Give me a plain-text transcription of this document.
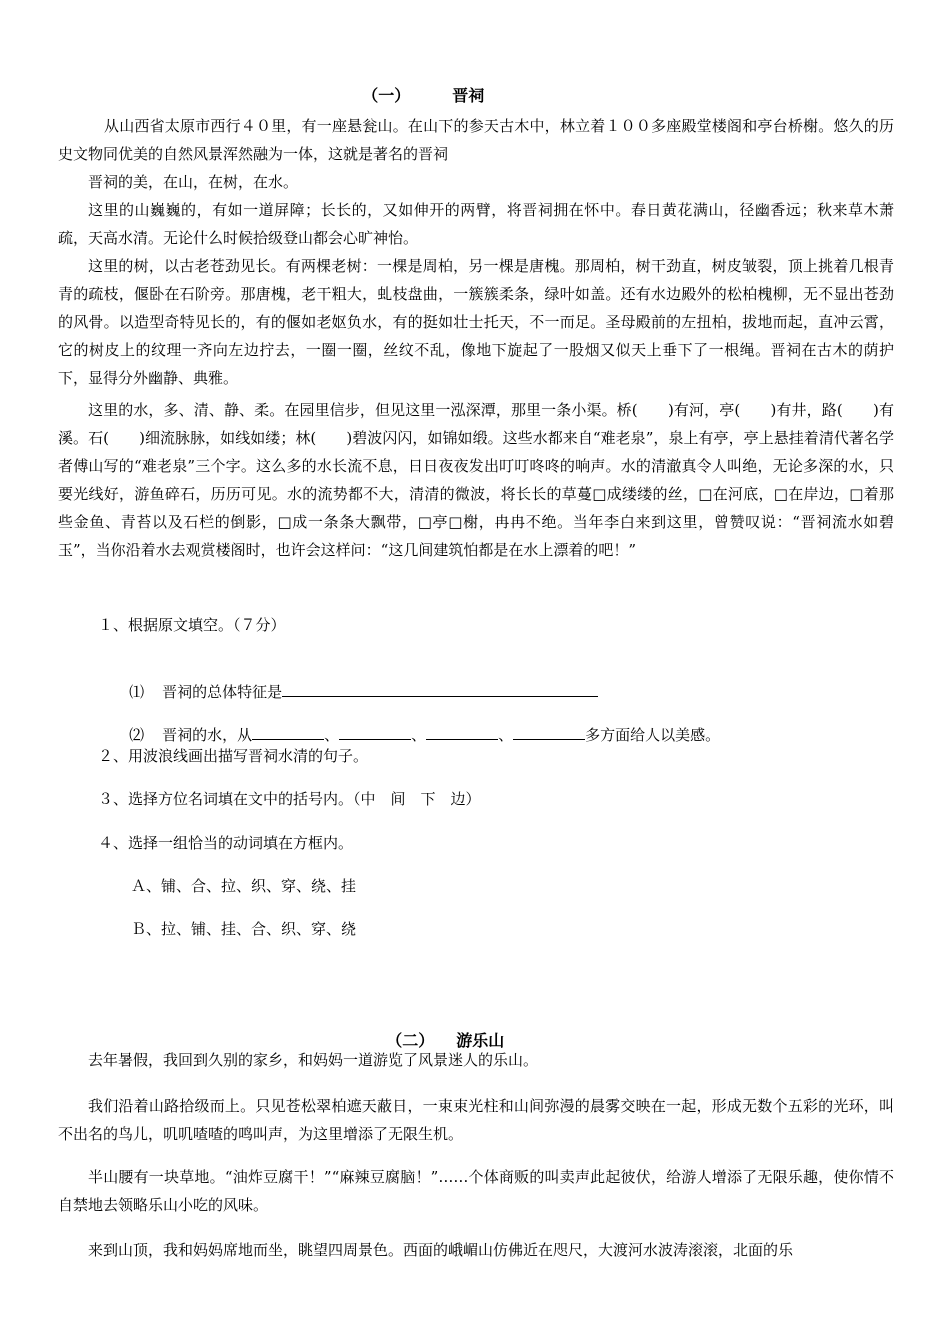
（一）	晋祠

从山西省太原市西行４０里，有一座悬瓮山。在山下的参天古木中，林立着１００多座殿堂楼阁和亭台桥榭。悠久的历史文物同优美的自然风景浑然融为一体，这就是著名的晋祠

晋祠的美，在山，在树，在水。

这里的山巍巍的，有如一道屏障；长长的，又如伸开的两臂，将晋祠拥在怀中。春日黄花满山，径幽香远；秋来草木萧疏，天高水清。无论什么时候拾级登山都会心旷神怡。

这里的树，以古老苍劲见长。有两棵老树：一棵是周柏，另一棵是唐槐。那周柏，树干劲直，树皮皱裂，顶上挑着几根青青的疏枝，偃卧在石阶旁。那唐槐，老干粗大，虬枝盘曲，一簇簇柔条，绿叶如盖。还有水边殿外的松柏槐柳，无不显出苍劲的风骨。以造型奇特见长的，有的偃如老妪负水，有的挺如壮士托天，不一而足。圣母殿前的左扭柏，拔地而起，直冲云霄，它的树皮上的纹理一齐向左边拧去，一圈一圈，丝纹不乱，像地下旋起了一股烟又似天上垂下了一根绳。晋祠在古木的荫护下，显得分外幽静、典雅。

这里的水，多、清、静、柔。在园里信步，但见这里一泓深潭，那里一条小渠。桥(　　)有河，亭(　　)有井，路(　　)有溪。石(　　)细流脉脉，如线如缕；林(　　)碧波闪闪，如锦如缎。这些水都来自“难老泉”，泉上有亭，亭上悬挂着清代著名学者傅山写的“难老泉”三个字。这么多的水长流不息，日日夜夜发出叮叮咚咚的响声。水的清澈真令人叫绝，无论多深的水，只要光线好，游鱼碎石，历历可见。水的流势都不大，清清的微波，将长长的草蔓□成缕缕的丝，□在河底，□在岸边，□着那些金鱼、青苔以及石栏的倒影，□成一条条大飘带，□亭□榭，冉冉不绝。当年李白来到这里，曾赞叹说：“晋祠流水如碧玉”，当你沿着水去观赏楼阁时，也许会这样问：“这几间建筑怕都是在水上漂着的吧！”

１、根据原文填空。（７分）

⑴ 晋祠的总体特征是

⑵ 晋祠的水，从	、	、	、	多方面给人以美感。

２、用波浪线画出描写晋祠水清的句子。
３、选择方位名词填在文中的括号内。（中　间　下　边）
４、选择一组恰当的动词填在方框内。
Ａ、铺、合、拉、织、穿、绕、挂
Ｂ、拉、铺、挂、合、织、穿、绕

（二） 游乐山

去年暑假，我回到久别的家乡，和妈妈一道游览了风景迷人的乐山。

我们沿着山路拾级而上。只见苍松翠柏遮天蔽日，一束束光柱和山间弥漫的晨雾交映在一起，形成无数个五彩的光环，叫不出名的鸟儿，叽叽喳喳的鸣叫声，为这里增添了无限生机。

半山腰有一块草地。“油炸豆腐干！”“麻辣豆腐脑！”……个体商贩的叫卖声此起彼伏，给游人增添了无限乐趣，使你情不自禁地去领略乐山小吃的风味。

来到山顶，我和妈妈席地而坐，眺望四周景色。西面的峨嵋山仿佛近在咫尺，大渡河水波涛滚滚，北面的乐
